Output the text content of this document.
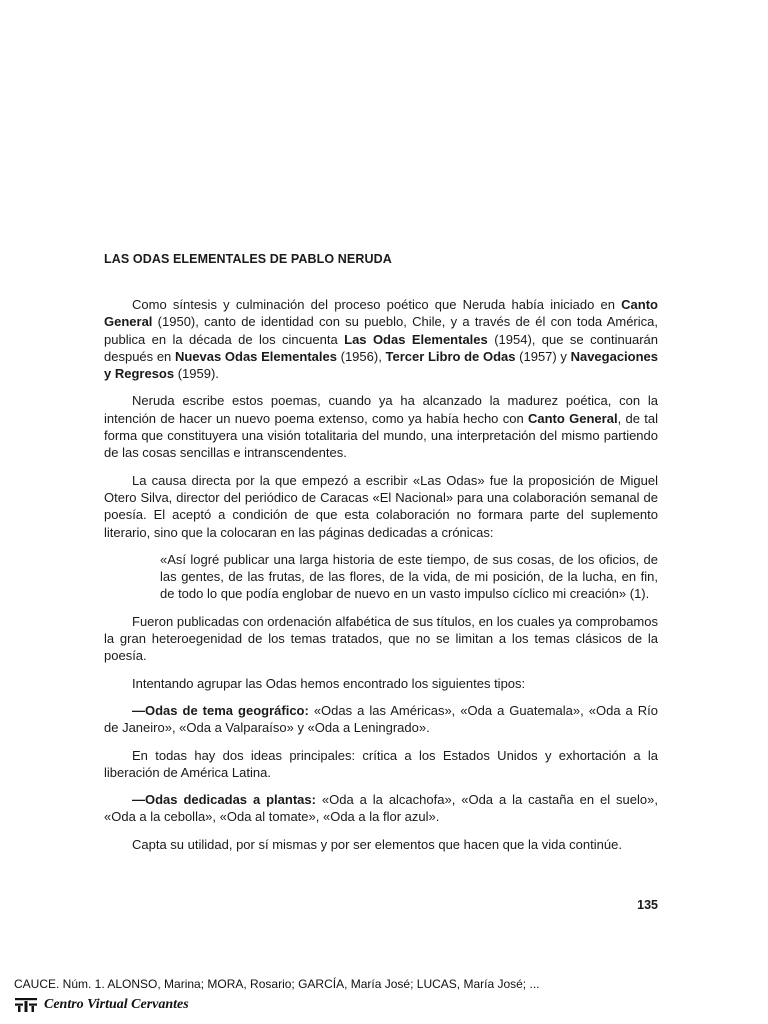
LAS ODAS ELEMENTALES DE PABLO NERUDA

Como síntesis y culminación del proceso poético que Neruda había iniciado en Canto General (1950), canto de identidad con su pueblo, Chile, y a través de él con toda América, publica en la década de los cincuenta Las Odas Elementales (1954), que se continuarán después en Nuevas Odas Elementales (1956), Tercer Libro de Odas (1957) y Navegaciones y Regresos (1959).

Neruda escribe estos poemas, cuando ya ha alcanzado la madurez poética, con la intención de hacer un nuevo poema extenso, como ya había hecho con Canto General, de tal forma que constituyera una visión totalitaria del mundo, una interpretación del mismo partiendo de las cosas sencillas e intranscendentes.

La causa directa por la que empezó a escribir «Las Odas» fue la proposición de Miguel Otero Silva, director del periódico de Caracas «El Nacional» para una colaboración semanal de poesía. El aceptó a condición de que esta colaboración no formara parte del suplemento literario, sino que la colocaran en las páginas dedicadas a crónicas:

«Así logré publicar una larga historia de este tiempo, de sus cosas, de los oficios, de las gentes, de las frutas, de las flores, de la vida, de mi posición, de la lucha, en fin, de todo lo que podía englobar de nuevo en un vasto impulso cíclico mi creación» (1).

Fueron publicadas con ordenación alfabética de sus títulos, en los cuales ya comprobamos la gran heteroegenidad de los temas tratados, que no se limitan a los temas clásicos de la poesía.

Intentando agrupar las Odas hemos encontrado los siguientes tipos:

—Odas de tema geográfico: «Odas a las Américas», «Oda a Guatemala», «Oda a Río de Janeiro», «Oda a Valparaíso» y «Oda a Leningrado».

En todas hay dos ideas principales: crítica a los Estados Unidos y exhortación a la liberación de América Latina.

—Odas dedicadas a plantas: «Oda a la alcachofa», «Oda a la castaña en el suelo», «Oda a la cebolla», «Oda al tomate», «Oda a la flor azul».

Capta su utilidad, por sí mismas y por ser elementos que hacen que la vida continúe.

135
CAUCE. Núm. 1. ALONSO, Marina; MORA, Rosario; GARCÍA, María José; LUCAS, María José; ...
Centro Virtual Cervantes
